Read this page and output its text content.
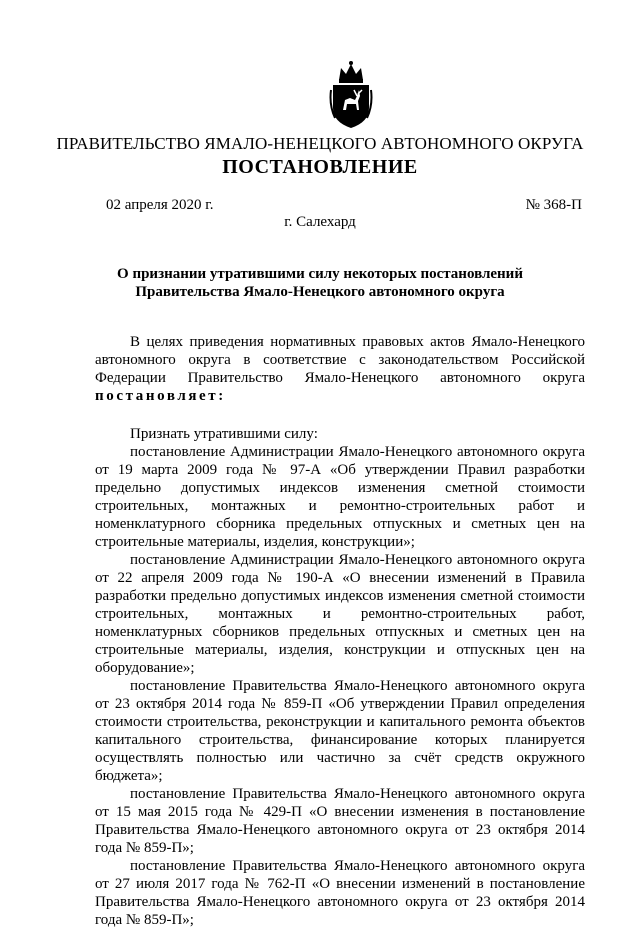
ПРАВИТЕЛЬСТВО ЯМАЛО-НЕНЕЦКОГО АВТОНОМНОГО ОКРУГА
ПОСТАНОВЛЕНИЕ
02 апреля 2020 г.	№ 368-П
г. Салехард
О признании утратившими силу некоторых постановлений
Правительства Ямало-Ненецкого автономного округа

В целях приведения нормативных правовых актов Ямало-Ненецкого автономного округа в соответствие с законодательством Российской Федерации Правительство Ямало-Ненецкого автономного округа постановляет:

Признать утратившими силу:

постановление Администрации Ямало-Ненецкого автономного округа от 19 марта 2009 года № 97-А «Об утверждении Правил разработки предельно допустимых индексов изменения сметной стоимости строительных, монтажных и ремонтно-строительных работ и номенклатурного сборника предельных отпускных и сметных цен на строительные материалы, изделия, конструкции»;

постановление Администрации Ямало-Ненецкого автономного округа от 22 апреля 2009 года № 190-А «О внесении изменений в Правила разработки предельно допустимых индексов изменения сметной стоимости строительных, монтажных и ремонтно-строительных работ, номенклатурных сборников предельных отпускных и сметных цен на строительные материалы, изделия, конструкции и отпускных цен на оборудование»;

постановление Правительства Ямало-Ненецкого автономного округа от 23 октября 2014 года № 859-П «Об утверждении Правил определения стоимости строительства, реконструкции и капитального ремонта объектов капитального строительства, финансирование которых планируется осуществлять полностью или частично за счёт средств окружного бюджета»;

постановление Правительства Ямало-Ненецкого автономного округа от 15 мая 2015 года № 429-П «О внесении изменения в постановление Правительства Ямало-Ненецкого автономного округа от 23 октября 2014 года № 859-П»;

постановление Правительства Ямало-Ненецкого автономного округа от 27 июля 2017 года № 762-П «О внесении изменений в постановление Правительства Ямало-Ненецкого автономного округа от 23 октября 2014 года № 859-П»;
